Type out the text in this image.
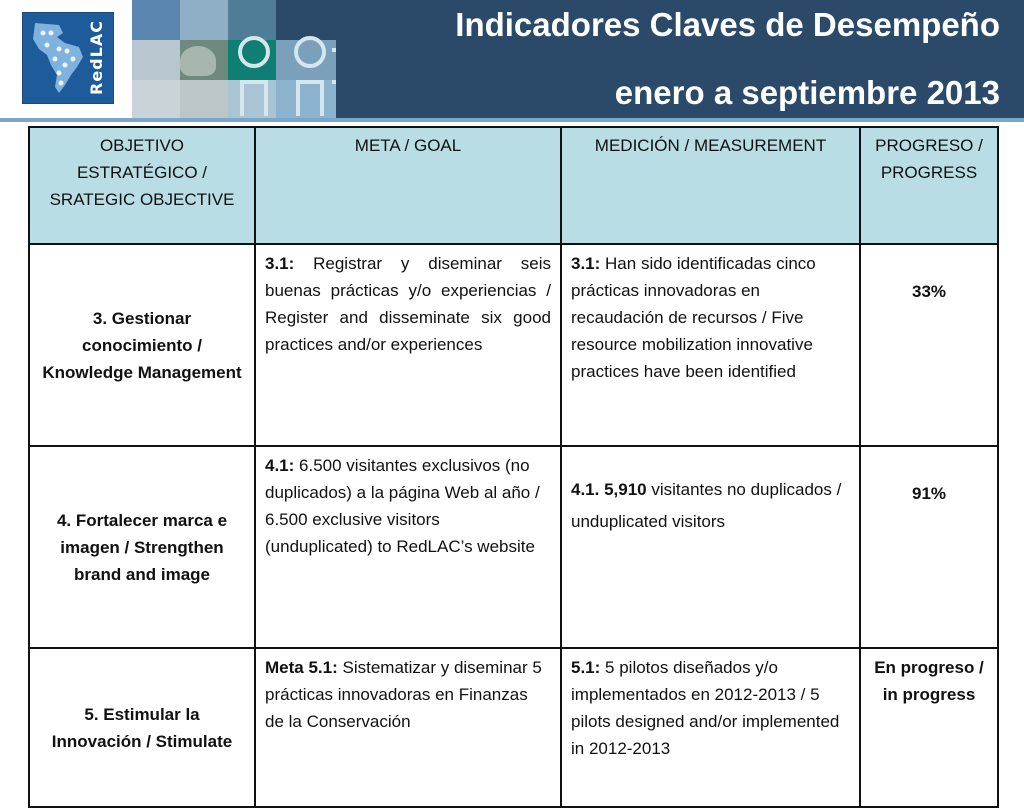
RedLAC	Indicadores Claves de Desempeño
enero a septiembre 2013
OBJETIVO ESTRATÉGICO / SRATEGIC OBJECTIVE	META / GOAL	MEDICIÓN / MEASUREMENT	PROGRESO / PROGRESS
3. Gestionar conocimiento / Knowledge Management	3.1: Registrar y diseminar seis buenas prácticas y/o experiencias / Register and disseminate six good practices and/or experiences	3.1: Han sido identificadas cinco prácticas innovadoras en recaudación de recursos / Five resource mobilization innovative practices have been identified	33%
4. Fortalecer marca e imagen / Strengthen brand and image	4.1: 6.500 visitantes exclusivos (no duplicados) a la página Web al año / 6.500 exclusive visitors (unduplicated) to RedLAC’s website	4.1. 5,910 visitantes no duplicados / unduplicated visitors	91%
5. Estimular la Innovación / Stimulate	Meta 5.1: Sistematizar y diseminar 5 prácticas innovadoras en Finanzas de la Conservación	5.1: 5 pilotos diseñados y/o implementados en 2012-2013 / 5 pilots designed and/or implemented in 2012-2013	En progreso / in progress
